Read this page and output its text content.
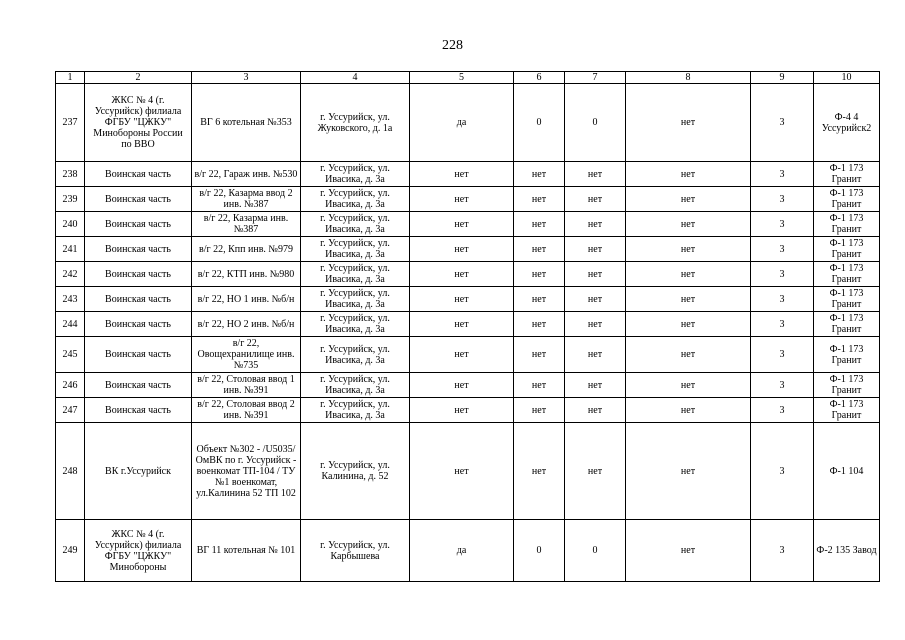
228
1	2	3	4	5	6	7	8	9	10
237	ЖКС № 4 (г. Уссурийск) филиала ФГБУ "ЦЖКУ" Минобороны России по ВВО	ВГ 6 котельная №353	г. Уссурийск, ул. Жуковского, д. 1а	да	0	0	нет	3	Ф-4 4 Уссурийск2
238	Воинская часть	в/г 22, Гараж инв. №530	г. Уссурийск, ул. Ивасика, д. 3а	нет	нет	нет	нет	3	Ф-1 173 Гранит
239	Воинская часть	в/г 22, Казарма ввод 2 инв. №387	г. Уссурийск, ул. Ивасика, д. 3а	нет	нет	нет	нет	3	Ф-1 173 Гранит
240	Воинская часть	в/г 22, Казарма инв. №387	г. Уссурийск, ул. Ивасика, д. 3а	нет	нет	нет	нет	3	Ф-1 173 Гранит
241	Воинская часть	в/г 22, Кпп инв. №979	г. Уссурийск, ул. Ивасика, д. 3а	нет	нет	нет	нет	3	Ф-1 173 Гранит
242	Воинская часть	в/г 22, КТП инв. №980	г. Уссурийск, ул. Ивасика, д. 3а	нет	нет	нет	нет	3	Ф-1 173 Гранит
243	Воинская часть	в/г 22, НО 1 инв. №б/н	г. Уссурийск, ул. Ивасика, д. 3а	нет	нет	нет	нет	3	Ф-1 173 Гранит
244	Воинская часть	в/г 22, НО 2 инв. №б/н	г. Уссурийск, ул. Ивасика, д. 3а	нет	нет	нет	нет	3	Ф-1 173 Гранит
245	Воинская часть	в/г 22, Овощехранилище инв. №735	г. Уссурийск, ул. Ивасика, д. 3а	нет	нет	нет	нет	3	Ф-1 173 Гранит
246	Воинская часть	в/г 22, Столовая ввод 1 инв. №391	г. Уссурийск, ул. Ивасика, д. 3а	нет	нет	нет	нет	3	Ф-1 173 Гранит
247	Воинская часть	в/г 22, Столовая ввод 2 инв. №391	г. Уссурийск, ул. Ивасика, д. 3а	нет	нет	нет	нет	3	Ф-1 173 Гранит
248	ВК г.Уссурийск	Объект №302 - /U5035/ ОмВК по г. Уссурийск - военкомат ТП-104 / ТУ №1 военкомат, ул.Калинина 52 ТП 102	г. Уссурийск, ул. Калинина, д. 52	нет	нет	нет	нет	3	Ф-1 104
249	ЖКС № 4 (г. Уссурийск) филиала ФГБУ "ЦЖКУ" Минобороны	ВГ 11 котельная № 101	г. Уссурийск, ул. Карбышева	да	0	0	нет	3	Ф-2 135 Завод
